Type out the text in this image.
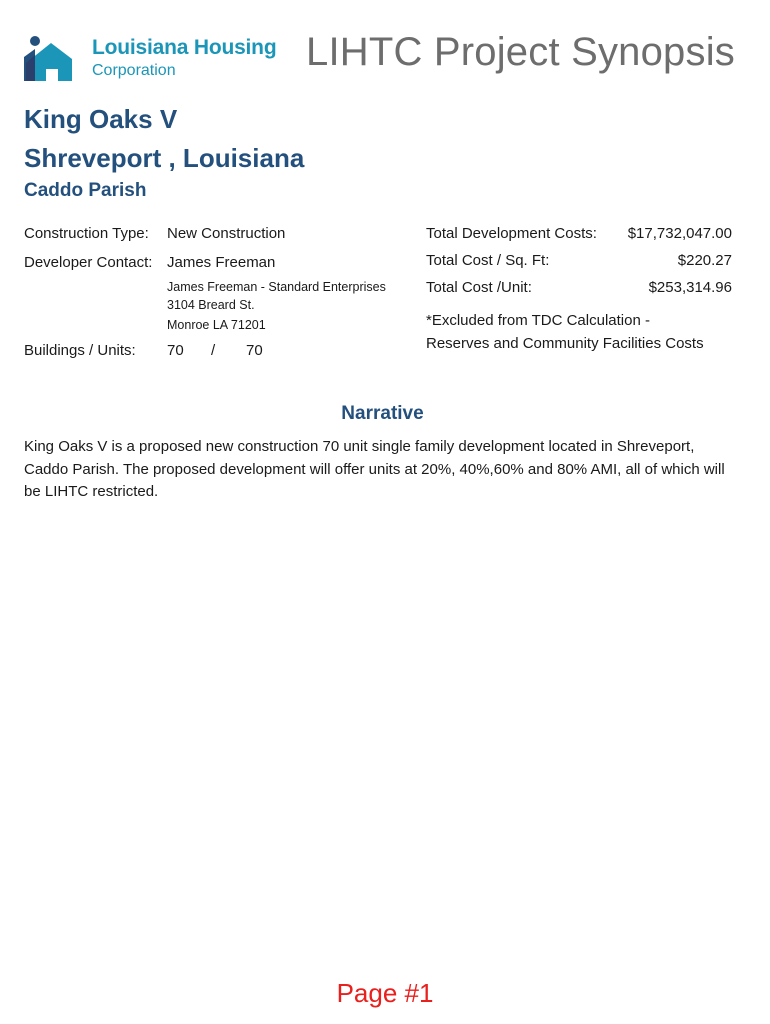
Louisiana Housing
Corporation	LIHTC Project Synopsis
King Oaks V
Shreveport , Louisiana
Caddo Parish
Construction Type: New Construction
Developer Contact: James Freeman
James Freeman - Standard Enterprises
3104 Breard St.
Monroe LA 71201
Buildings / Units: 70 / 70
Total Development Costs: $17,732,047.00
Total Cost / Sq. Ft:	$220.27
Total Cost /Unit:	$253,314.96
*Excluded from TDC Calculation -
Reserves and Community Facilities Costs
Narrative
King Oaks V is a proposed new construction 70 unit single family development located in Shreveport, Caddo Parish. The proposed development will offer units at 20%, 40%,60% and 80% AMI, all of which will be LIHTC restricted.
Page #1
